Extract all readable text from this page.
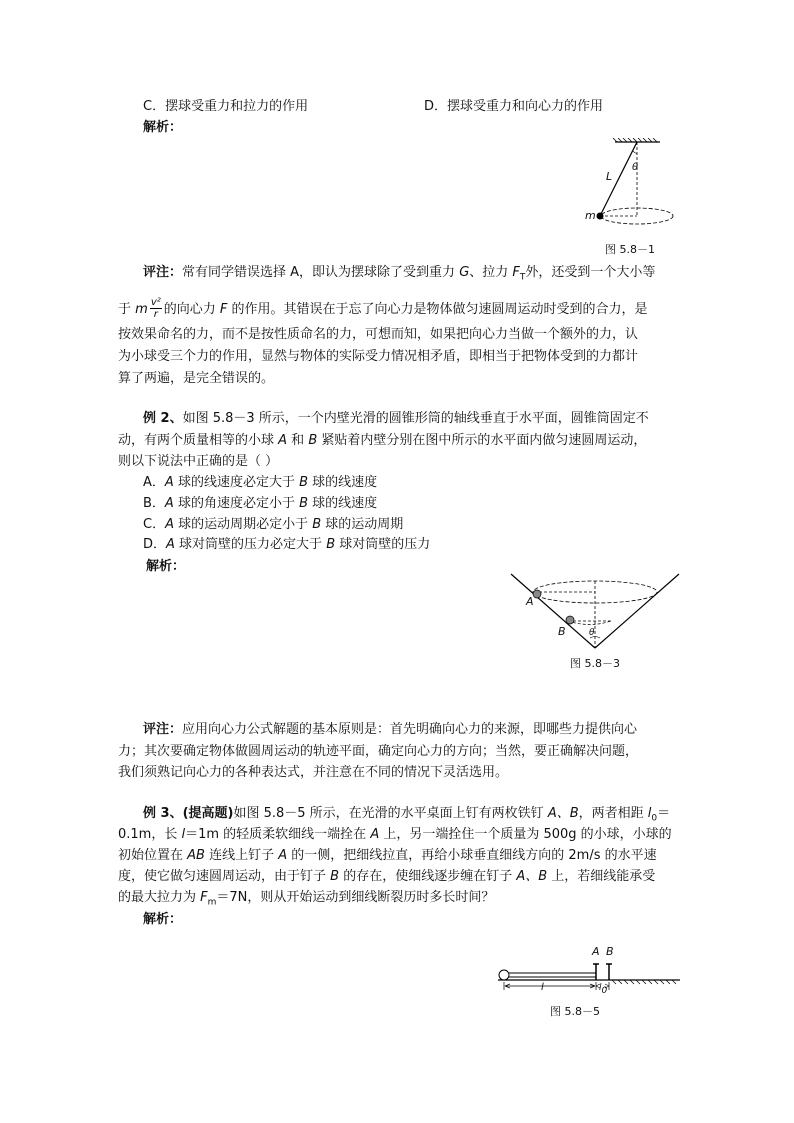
C．摆球受重力和拉力的作用	D．摆球受重力和向心力的作用
解析：
θ
L
m
图 5.8－1
评注：常有同学错误选择 A，即认为摆球除了受到重力 G、拉力 $F_T$外，还受到一个大小等
于 m $\frac{\text{v²}}{r}$ 的向心力 F 的作用。其错误在于忘了向心力是物体做匀速圆周运动时受到的合力，是
按效果命名的力，而不是按性质命名的力，可想而知，如果把向心力当做一个额外的力，认
为小球受三个力的作用，显然与物体的实际受力情况相矛盾，即相当于把物体受到的力都计
算了两遍，是完全错误的。
例 2、如图 5.8－3 所示，一个内壁光滑的圆锥形筒的轴线垂直于水平面，圆锥筒固定不
动，有两个质量相等的小球 A 和 B 紧贴着内壁分别在图中所示的水平面内做匀速圆周运动，
则以下说法中正确的是（ ）
A．A 球的线速度必定大于 B 球的线速度
B．A 球的角速度必定小于 B 球的线速度
C．A 球的运动周期必定小于 B 球的运动周期
D．A 球对筒壁的压力必定大于 B 球对筒壁的压力
解析：
A
B	θ
图 5.8－3
评注：应用向心力公式解题的基本原则是：首先明确向心力的来源，即哪些力提供向心
力；其次要确定物体做圆周运动的轨迹平面，确定向心力的方向；当然，要正确解决问题，
我们须熟记向心力的各种表达式，并注意在不同的情况下灵活选用。
例 3、(提高题)如图 5.8－5 所示，在光滑的水平桌面上钉有两枚铁钉 A、B，两者相距 $l_0=$
0.1m，长 l＝1m 的轻质柔软细线一端拴在 A 上，另一端拴住一个质量为 500g 的小球，小球的
初始位置在 AB 连线上钉子 A 的一侧，把细线拉直，再给小球垂直细线方向的 2m/s 的水平速
度，使它做匀速圆周运动，由于钉子 B 的存在，使细线逐步缠在钉子 A、B 上，若细线能承受
的最大拉力为 $F_m=7N$，则从开始运动到细线断裂历时多长时间？
解析：
A B
l	$l_0$
图 5.8－5
